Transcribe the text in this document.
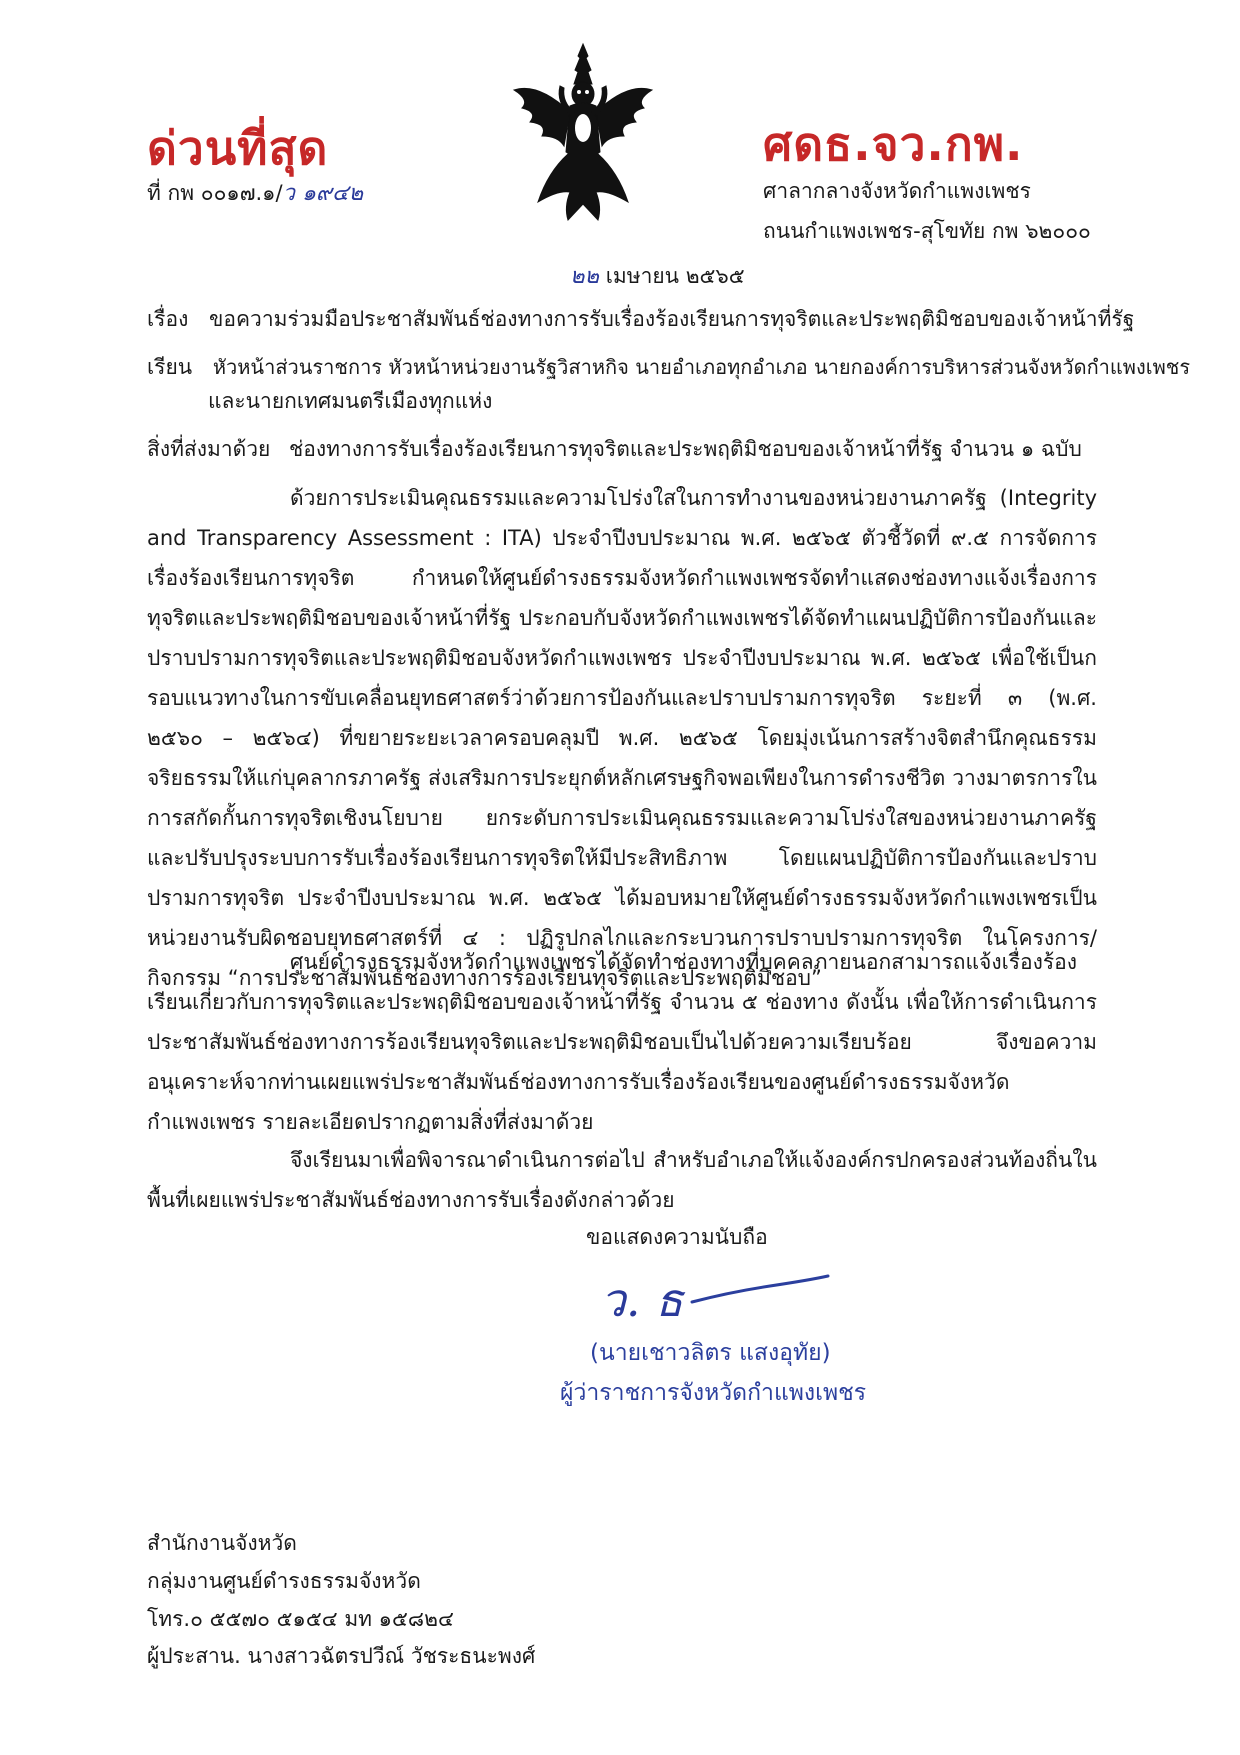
ด่วนที่สุด	ศดธ.จว.กพ.
ที่ กพ ๐๐๑๗.๑/ว ๑๙๔๒	ศาลากลางจังหวัดกำแพงเพชร
ถนนกำแพงเพชร-สุโขทัย กพ ๖๒๐๐๐
๒๒ เมษายน ๒๕๖๕
เรื่อง ขอความร่วมมือประชาสัมพันธ์ช่องทางการรับเรื่องร้องเรียนการทุจริตและประพฤติมิชอบของเจ้าหน้าที่รัฐ
เรียน หัวหน้าส่วนราชการ หัวหน้าหน่วยงานรัฐวิสาหกิจ นายอำเภอทุกอำเภอ นายกองค์การบริหารส่วนจังหวัดกำแพงเพชร
และนายกเทศมนตรีเมืองทุกแห่ง
สิ่งที่ส่งมาด้วย ช่องทางการรับเรื่องร้องเรียนการทุจริตและประพฤติมิชอบของเจ้าหน้าที่รัฐ จำนวน ๑ ฉบับ

ด้วยการประเมินคุณธรรมและความโปร่งใสในการทำงานของหน่วยงานภาครัฐ (Integrity and Transparency Assessment : ITA) ประจำปีงบประมาณ พ.ศ. ๒๕๖๕ ตัวชี้วัดที่ ๙.๕ การจัดการเรื่องร้องเรียนการทุจริต กำหนดให้ศูนย์ดำรงธรรมจังหวัดกำแพงเพชรจัดทำแสดงช่องทางแจ้งเรื่องการทุจริตและประพฤติมิชอบของเจ้าหน้าที่รัฐ ประกอบกับจังหวัดกำแพงเพชรได้จัดทำแผนปฏิบัติการป้องกันและปราบปรามการทุจริตและประพฤติมิชอบจังหวัดกำแพงเพชร ประจำปีงบประมาณ พ.ศ. ๒๕๖๕ เพื่อใช้เป็นกรอบแนวทางในการขับเคลื่อนยุทธศาสตร์ว่าด้วยการป้องกันและปราบปรามการทุจริต ระยะที่ ๓ (พ.ศ. ๒๕๖๐ – ๒๕๖๔) ที่ขยายระยะเวลาครอบคลุมปี พ.ศ. ๒๕๖๕ โดยมุ่งเน้นการสร้างจิตสำนึกคุณธรรมจริยธรรมให้แก่บุคลากรภาครัฐ ส่งเสริมการประยุกต์หลักเศรษฐกิจพอเพียงในการดำรงชีวิต วางมาตรการในการสกัดกั้นการทุจริตเชิงนโยบาย ยกระดับการประเมินคุณธรรมและความโปร่งใสของหน่วยงานภาครัฐ และปรับปรุงระบบการรับเรื่องร้องเรียนการทุจริตให้มีประสิทธิภาพ โดยแผนปฏิบัติการป้องกันและปราบปรามการทุจริต ประจำปีงบประมาณ พ.ศ. ๒๕๖๕ ได้มอบหมายให้ศูนย์ดำรงธรรมจังหวัดกำแพงเพชรเป็นหน่วยงานรับผิดชอบยุทธศาสตร์ที่ ๔ : ปฏิรูปกลไกและกระบวนการปราบปรามการทุจริต ในโครงการ/กิจกรรม “การประชาสัมพันธ์ช่องทางการร้องเรียนทุจริตและประพฤติมิชอบ”

ศูนย์ดำรงธรรมจังหวัดกำแพงเพชรได้จัดทำช่องทางที่บุคคลภายนอกสามารถแจ้งเรื่องร้องเรียนเกี่ยวกับการทุจริตและประพฤติมิชอบของเจ้าหน้าที่รัฐ จำนวน ๕ ช่องทาง ดังนั้น เพื่อให้การดำเนินการประชาสัมพันธ์ช่องทางการร้องเรียนทุจริตและประพฤติมิชอบเป็นไปด้วยความเรียบร้อย จึงขอความอนุเคราะห์จากท่านเผยแพร่ประชาสัมพันธ์ช่องทางการรับเรื่องร้องเรียนของศูนย์ดำรงธรรมจังหวัดกำแพงเพชร รายละเอียดปรากฏตามสิ่งที่ส่งมาด้วย

จึงเรียนมาเพื่อพิจารณาดำเนินการต่อไป สำหรับอำเภอให้แจ้งองค์กรปกครองส่วนท้องถิ่นในพื้นที่เผยแพร่ประชาสัมพันธ์ช่องทางการรับเรื่องดังกล่าวด้วย

ขอแสดงความนับถือ
ว. ธ
(นายเชาวลิตร แสงอุทัย)
ผู้ว่าราชการจังหวัดกำแพงเพชร
สำนักงานจังหวัด
กลุ่มงานศูนย์ดำรงธรรมจังหวัด
โทร.๐ ๕๕๗๐ ๕๑๕๔ มท ๑๕๘๒๔
ผู้ประสาน. นางสาวฉัตรปวีณ์ วัชระธนะพงศ์
